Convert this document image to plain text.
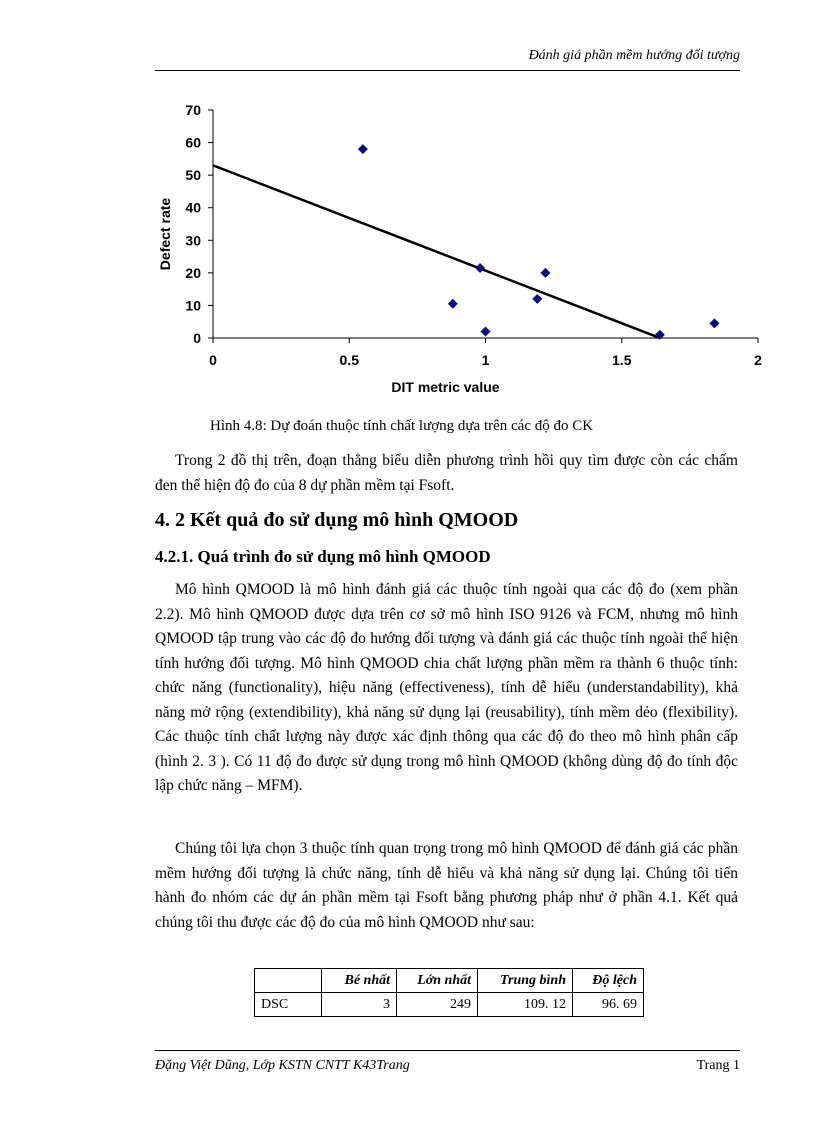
Đánh giá phần mềm hướng đối tượng
0
10
20
30
40
50
60
70
0	0.5	1	1.5	2
DIT metric value
Defect rate
Hình 4.8: Dự đoán thuộc tính chất lượng dựa trên các độ đo CK

Trong 2 đồ thị trên, đoạn thẳng biểu diễn phương trình hồi quy tìm được còn các chấm đen thể hiện độ đo của 8 dự phần mềm tại Fsoft.

4. 2 Kết quả đo sử dụng mô hình QMOOD
4.2.1. Quá trình đo sử dụng mô hình QMOOD

Mô hình QMOOD là mô hình đánh giá các thuộc tính ngoài qua các độ đo (xem phần 2.2). Mô hình QMOOD được dựa trên cơ sở mô hình ISO 9126 và FCM, nhưng mô hình QMOOD tập trung vào các độ đo hướng đối tượng và đánh giá các thuộc tính ngoài thể hiện tính hướng đối tượng. Mô hình QMOOD chia chất lượng phần mềm ra thành 6 thuộc tính: chức năng (functionality), hiệu năng (effectiveness), tính dễ hiểu (understandability), khả năng mở rộng (extendibility), khả năng sử dụng lại (reusability), tính mềm dẻo (flexibility). Các thuộc tính chất lượng này được xác định thông qua các độ đo theo mô hình phân cấp (hình 2. 3 ). Có 11 độ đo được sử dụng trong mô hình QMOOD (không dùng độ đo tính độc lập chức năng – MFM).

Chúng tôi lựa chọn 3 thuộc tính quan trọng trong mô hình QMOOD để đánh giá các phần mềm hướng đối tượng là chức năng, tính dễ hiểu và khả năng sử dụng lại. Chúng tôi tiến hành đo nhóm các dự án phần mềm tại Fsoft bằng phương pháp như ở phần 4.1. Kết quả chúng tôi thu được các độ đo của mô hình QMOOD như sau:

	Bé nhất	Lớn nhất	Trung bình	Độ lệch
DSC	3	249	109. 12	96. 69
Đặng Việt Dũng, Lớp KSTN CNTT K43Trang	Trang 1
